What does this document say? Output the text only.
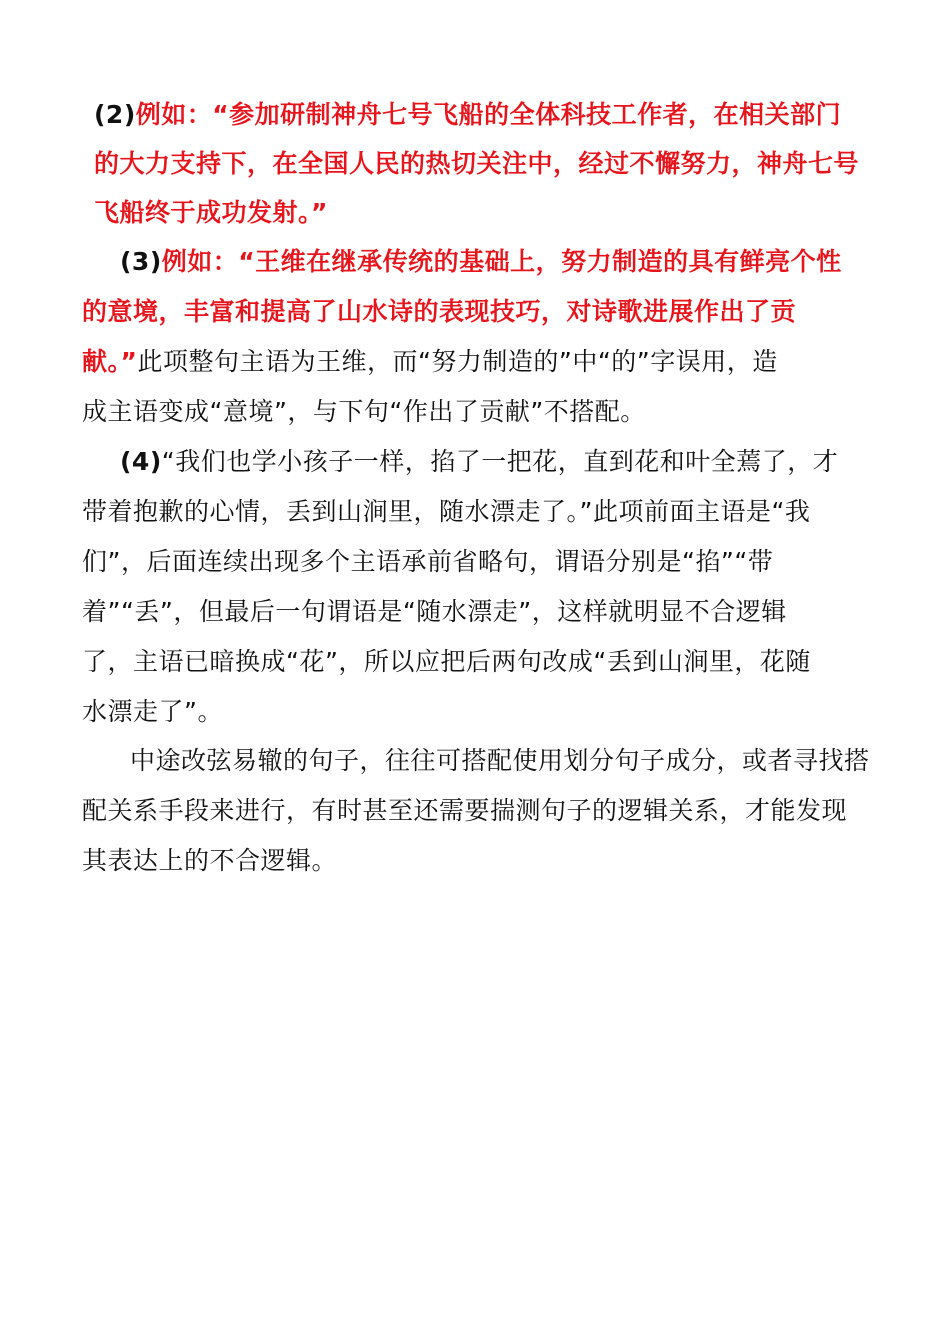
(2)例如：“参加研制神舟七号飞船的全体科技工作者，在相关部门
的大力支持下，在全国人民的热切关注中，经过不懈努力，神舟七号
飞船终于成功发射。”
(3)例如：“王维在继承传统的基础上，努力制造的具有鲜亮个性
的意境，丰富和提高了山水诗的表现技巧，对诗歌进展作出了贡
献。”此项整句主语为王维，而“努力制造的”中“的”字误用，造
成主语变成“意境”，与下句“作出了贡献”不搭配。
(4)“我们也学小孩子一样，掐了一把花，直到花和叶全蔫了，才
带着抱歉的心情，丢到山涧里，随水漂走了。”此项前面主语是“我
们”，后面连续出现多个主语承前省略句，谓语分别是“掐”“带
着”“丢”，但最后一句谓语是“随水漂走”，这样就明显不合逻辑
了，主语已暗换成“花”，所以应把后两句改成“丢到山涧里，花随
水漂走了”。
中途改弦易辙的句子，往往可搭配使用划分句子成分，或者寻找搭
配关系手段来进行，有时甚至还需要揣测句子的逻辑关系，才能发现
其表达上的不合逻辑。
